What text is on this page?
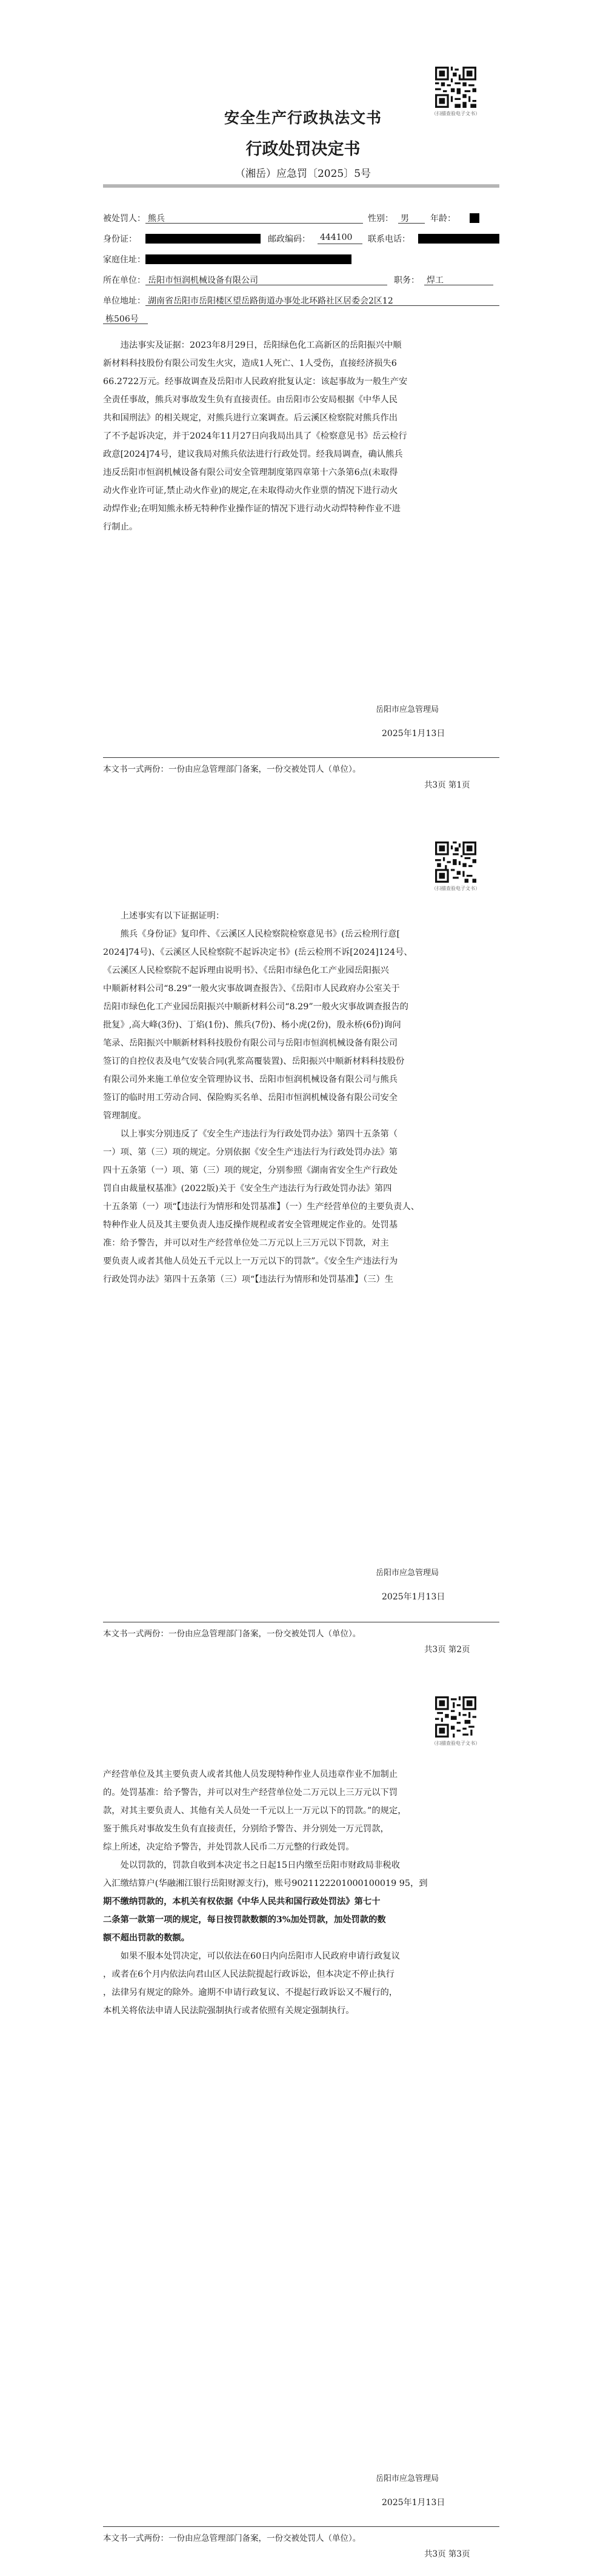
（扫描查验电子文书）
安全生产行政执法文书
行政处罚决定书
（湘岳）应急罚〔2025〕5号
被处罚人： 熊兵	性别： 男	年龄：
身份证：	邮政编码： 444100	联系电话：
家庭住址：
所在单位： 岳阳市恒润机械设备有限公司	职务： 焊工
单位地址： 湖南省岳阳市岳阳楼区望岳路街道办事处北环路社区居委会2区12
栋506号
违法事实及证据：2023年8月29日，岳阳绿色化工高新区的岳阳振兴中顺
新材料科技股份有限公司发生火灾，造成1人死亡、1人受伤，直接经济损失6
66.2722万元。经事故调查及岳阳市人民政府批复认定：该起事故为一般生产安
全责任事故，熊兵对事故发生负有直接责任。由岳阳市公安局根据《中华人民
共和国刑法》的相关规定，对熊兵进行立案调查。后云溪区检察院对熊兵作出
了不予起诉决定，并于2024年11月27日向我局出具了《检察意见书》岳云检行
政意[2024]74号，建议我局对熊兵依法进行行政处罚。经我局调查，确认熊兵
违反岳阳市恒润机械设备有限公司安全管理制度第四章第十六条第6点(未取得
动火作业许可证,禁止动火作业)的规定,在未取得动火作业票的情况下进行动火
动焊作业;在明知熊永桥无特种作业操作证的情况下进行动火动焊特种作业不进
行制止。
岳阳市应急管理局
2025年1月13日
本文书一式两份：一份由应急管理部门备案，一份交被处罚人（单位）。
共3页 第1页
（扫描查验电子文书）
上述事实有以下证据证明：
熊兵《身份证》复印件、《云溪区人民检察院检察意见书》(岳云检刑行意[
2024]74号)、《云溪区人民检察院不起诉决定书》(岳云检刑不诉[2024]124号、
《云溪区人民检察院不起诉理由说明书》、《岳阳市绿色化工产业园岳阳振兴
中顺新材料公司“8.29”一般火灾事故调查报告》、《岳阳市人民政府办公室关于
岳阳市绿色化工产业园岳阳振兴中顺新材料公司“8.29”一般火灾事故调查报告的
批复》,高大峰(3份)、丁焰(1份)、熊兵(7份)、杨小虎(2份)，殷永桥(6份)询问
笔录、岳阳振兴中顺新材料科技股份有限公司与岳阳市恒润机械设备有限公司
签订的自控仪表及电气安装合同(乳浆高覆装置)、岳阳振兴中顺新材料科技股份
有限公司外来施工单位安全管理协议书、岳阳市恒润机械设备有限公司与熊兵
签订的临时用工劳动合同、保险购买名单、岳阳市恒润机械设备有限公司安全
管理制度。
以上事实分别违反了《安全生产违法行为行政处罚办法》第四十五条第（
一）项、第（三）项的规定。分别依据《安全生产违法行为行政处罚办法》第
四十五条第（一）项、第（三）项的规定，分别参照《湖南省安全生产行政处
罚自由裁量权基准》(2022版)关于《安全生产违法行为行政处罚办法》第四
十五条第（一）项“【违法行为情形和处罚基准】（一）生产经营单位的主要负责人、
特种作业人员及其主要负责人违反操作规程或者安全管理规定作业的。处罚基
准：给予警告，并可以对生产经营单位处二万元以上三万元以下罚款，对主
要负责人或者其他人员处五千元以上一万元以下的罚款”。《安全生产违法行为
行政处罚办法》第四十五条第（三）项“【违法行为情形和处罚基准】（三）生
岳阳市应急管理局
2025年1月13日
本文书一式两份：一份由应急管理部门备案，一份交被处罚人（单位）。
共3页 第2页
（扫描查验电子文书）
产经营单位及其主要负责人或者其他人员发现特种作业人员违章作业不加制止
的。处罚基准：给予警告，并可以对生产经营单位处二万元以上三万元以下罚
款，对其主要负责人、其他有关人员处一千元以上一万元以下的罚款。”的规定，
鉴于熊兵对事故发生负有直接责任，分别给予警告、并分别处一万元罚款，
综上所述，决定给予警告，并处罚款人民币二万元整的行政处罚。
处以罚款的，罚款自收到本决定书之日起15日内缴至岳阳市财政局非税收
入汇缴结算户(华融湘江银行岳阳财源支行)，账号9021122201000100019 95，到
期不缴纳罚款的，本机关有权依据《中华人民共和国行政处罚法》第七十
二条第一款第一项的规定，每日按罚款数额的3%加处罚款，加处罚款的数
额不超出罚款的数额。
如果不服本处罚决定，可以依法在60日内向岳阳市人民政府申请行政复议
，或者在6个月内依法向君山区人民法院提起行政诉讼，但本决定不停止执行
，法律另有规定的除外。逾期不申请行政复议、不提起行政诉讼又不履行的，
本机关将依法申请人民法院强制执行或者依照有关规定强制执行。
岳阳市应急管理局
2025年1月13日
本文书一式两份：一份由应急管理部门备案，一份交被处罚人（单位）。
共3页 第3页
